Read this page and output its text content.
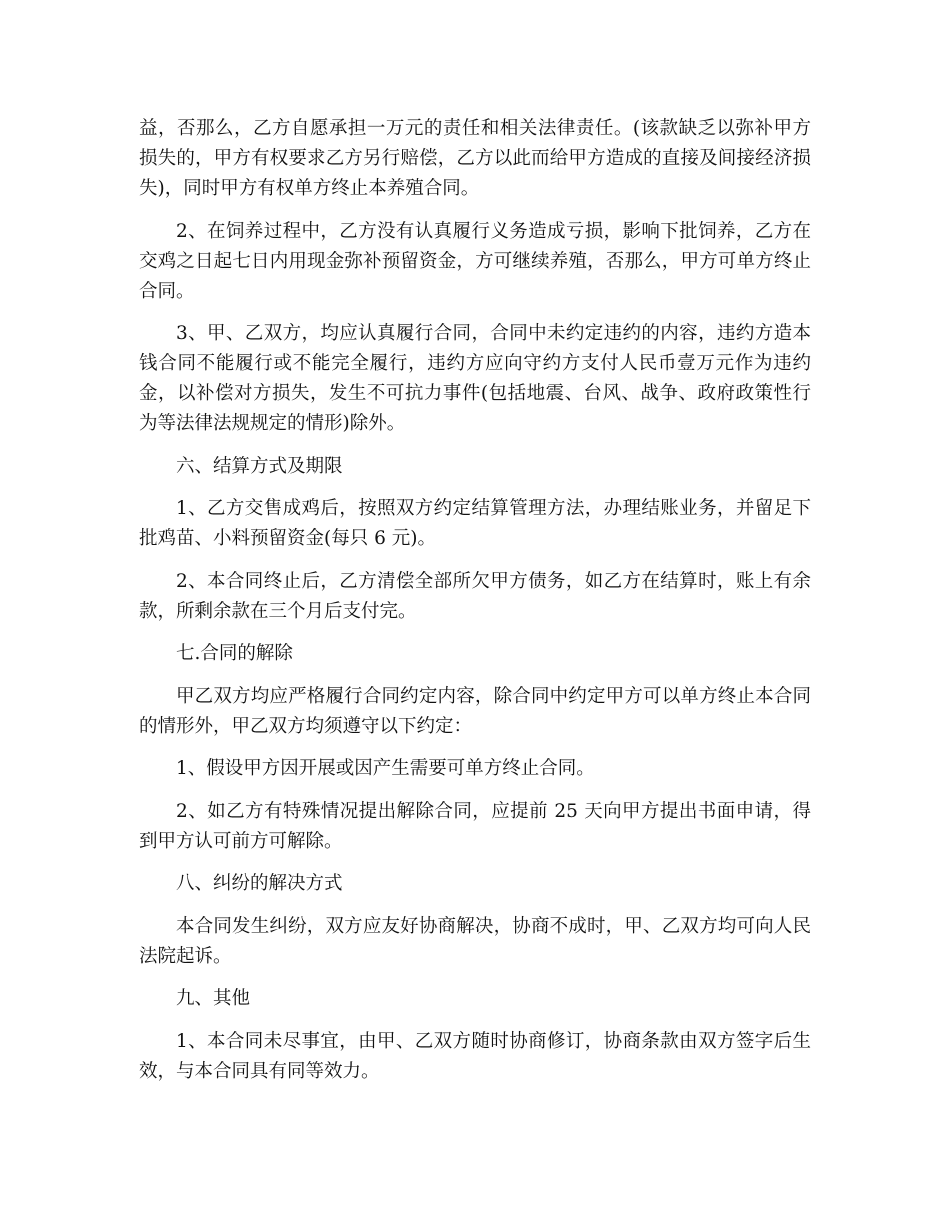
益，否那么，乙方自愿承担一万元的责任和相关法律责任。(该款缺乏以弥补甲方损失的，甲方有权要求乙方另行赔偿，乙方以此而给甲方造成的直接及间接经济损失)，同时甲方有权单方终止本养殖合同。

2、在饲养过程中，乙方没有认真履行义务造成亏损，影响下批饲养，乙方在交鸡之日起七日内用现金弥补预留资金，方可继续养殖，否那么，甲方可单方终止合同。

3、甲、乙双方，均应认真履行合同，合同中未约定违约的内容，违约方造本钱合同不能履行或不能完全履行，违约方应向守约方支付人民币壹万元作为违约金，以补偿对方损失，发生不可抗力事件(包括地震、台风、战争、政府政策性行为等法律法规规定的情形)除外。

六、结算方式及期限

1、乙方交售成鸡后，按照双方约定结算管理方法，办理结账业务，并留足下批鸡苗、小料预留资金(每只 6 元)。

2、本合同终止后，乙方清偿全部所欠甲方债务，如乙方在结算时，账上有余款，所剩余款在三个月后支付完。

七.合同的解除

甲乙双方均应严格履行合同约定内容，除合同中约定甲方可以单方终止本合同的情形外，甲乙双方均须遵守以下约定：

1、假设甲方因开展或因产生需要可单方终止合同。

2、如乙方有特殊情况提出解除合同，应提前 25 天向甲方提出书面申请，得到甲方认可前方可解除。

八、纠纷的解决方式

本合同发生纠纷，双方应友好协商解决，协商不成时，甲、乙双方均可向人民法院起诉。

九、其他

1、本合同未尽事宜，由甲、乙双方随时协商修订，协商条款由双方签字后生效，与本合同具有同等效力。
